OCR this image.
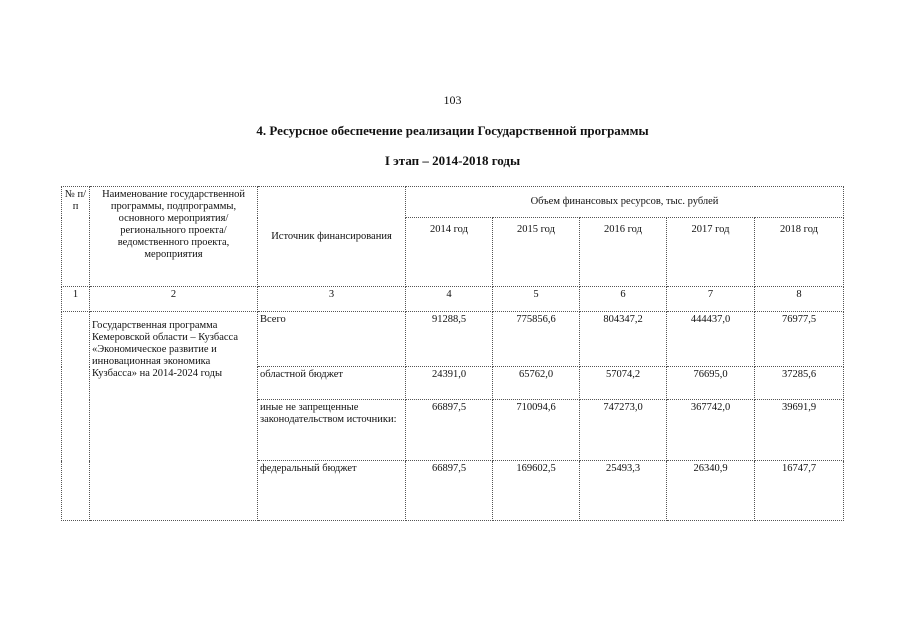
103
4. Ресурсное обеспечение реализации Государственной программы
I этап – 2014-2018 годы
№ п/п	Наименование государственной программы, подпрограммы, основного мероприятия/регионального проекта/ведомственного проекта, мероприятия	Источник финансирования	Объем финансовых ресурсов, тыс. рублей				
			2014 год	2015 год	2016 год	2017 год	2018 год
1	2	3	4	5	6	7	8
	Государственная программа Кемеровской области – Кузбасса «Экономическое развитие и инновационная экономика Кузбасса» на 2014-2024 годы	Всего	91288,5	775856,6	804347,2	444437,0	76977,5
		областной бюджет	24391,0	65762,0	57074,2	76695,0	37285,6
		иные не запрещенные законодательством источники:	66897,5	710094,6	747273,0	367742,0	39691,9
		федеральный бюджет	66897,5	169602,5	25493,3	26340,9	16747,7
